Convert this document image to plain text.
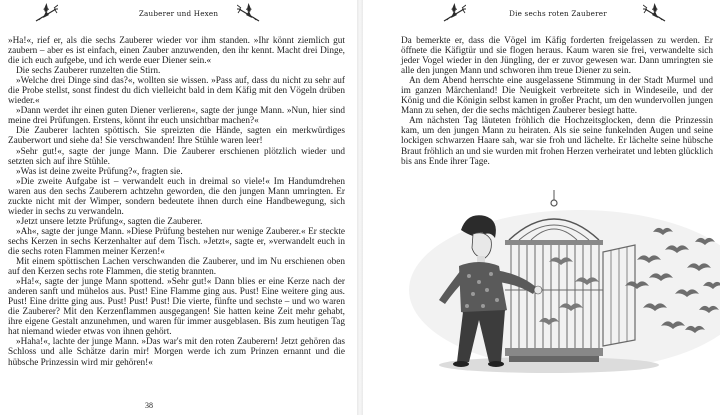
Zauberer und Hexen

»Ha!«, rief er, als die sechs Zauberer wieder vor ihm standen. »Ihr könnt ziemlich gut zaubern – aber es ist einfach, einen Zauber anzuwenden, den ihr kennt. Macht drei Dinge, die ich euch aufgebe, und ich werde euer Diener sein.«

Die sechs Zauberer runzelten die Stirn.

»Welche drei Dinge sind das?«, wollten sie wissen. »Pass auf, dass du nicht zu sehr auf die Probe stellst, sonst findest du dich vielleicht bald in dem Käfig mit den Vögeln drüben wieder.«

»Dann werdet ihr einen guten Diener verlieren«, sagte der junge Mann. »Nun, hier sind meine drei Prüfungen. Erstens, könnt ihr euch unsichtbar machen?«

Die Zauberer lachten spöttisch. Sie spreizten die Hände, sagten ein merkwürdiges Zauberwort und siehe da! Sie verschwanden! Ihre Stühle waren leer!

»Sehr gut!«, sagte der junge Mann. Die Zauberer erschienen plötzlich wieder und setzten sich auf ihre Stühle.

»Was ist deine zweite Prüfung?«, fragten sie.

»Die zweite Aufgabe ist – verwandelt euch in dreimal so viele!« Im Handumdrehen waren aus den sechs Zauberern achtzehn geworden, die den jungen Mann umringten. Er zuckte nicht mit der Wimper, sondern bedeutete ihnen durch eine Handbewegung, sich wieder in sechs zu verwandeln.

»Jetzt unsere letzte Prüfung«, sagten die Zauberer.

»Ah«, sagte der junge Mann. »Diese Prüfung bestehen nur wenige Zauberer.« Er steckte sechs Kerzen in sechs Kerzenhalter auf dem Tisch. »Jetzt«, sagte er, »verwandelt euch in die sechs roten Flammen meiner Kerzen!«

Mit einem spöttischen Lachen verschwanden die Zauberer, und im Nu erschienen oben auf den Kerzen sechs rote Flammen, die stetig brannten.

»Ha!«, sagte der junge Mann spottend. »Sehr gut!« Dann blies er eine Kerze nach der anderen sanft und mühelos aus. Pust! Eine Flamme ging aus. Pust! Eine weitere ging aus. Pust! Eine dritte ging aus. Pust! Pust! Pust! Die vierte, fünfte und sechste – und wo waren die Zauberer? Mit den Kerzenflammen ausgegangen! Sie hatten keine Zeit mehr gehabt, ihre eigene Gestalt anzunehmen, und waren für immer ausgeblasen. Bis zum heutigen Tag hat niemand wieder etwas von ihnen gehört.

»Haha!«, lachte der junge Mann. »Das war's mit den roten Zauberern! Jetzt gehören das Schloss und alle Schätze darin mir! Morgen werde ich zum Prinzen ernannt und die hübsche Prinzessin wird mir gehören!«

38
Die sechs roten Zauberer

Da bemerkte er, dass die Vögel im Käfig forderten freigelassen zu werden. Er öffnete die Käfigtür und sie flogen heraus. Kaum waren sie frei, verwandelte sich jeder Vogel wieder in den Jüngling, der er zuvor gewesen war. Dann umringten sie alle den jungen Mann und schworen ihm treue Diener zu sein.

An dem Abend herrschte eine ausgelassene Stimmung in der Stadt Murmel und im ganzen Märchenland! Die Neuigkeit verbreitete sich in Windeseile, und der König und die Königin selbst kamen in großer Pracht, um den wundervollen jungen Mann zu sehen, der die sechs mächtigen Zauberer besiegt hatte.

Am nächsten Tag läuteten fröhlich die Hochzeitsglocken, denn die Prinzessin kam, um den jungen Mann zu heiraten. Als sie seine funkelnden Augen und seine lockigen schwarzen Haare sah, war sie froh und lächelte. Er lächelte seine hübsche Braut fröhlich an und sie wurden mit frohen Herzen verheiratet und lebten glücklich bis ans Ende ihrer Tage.
